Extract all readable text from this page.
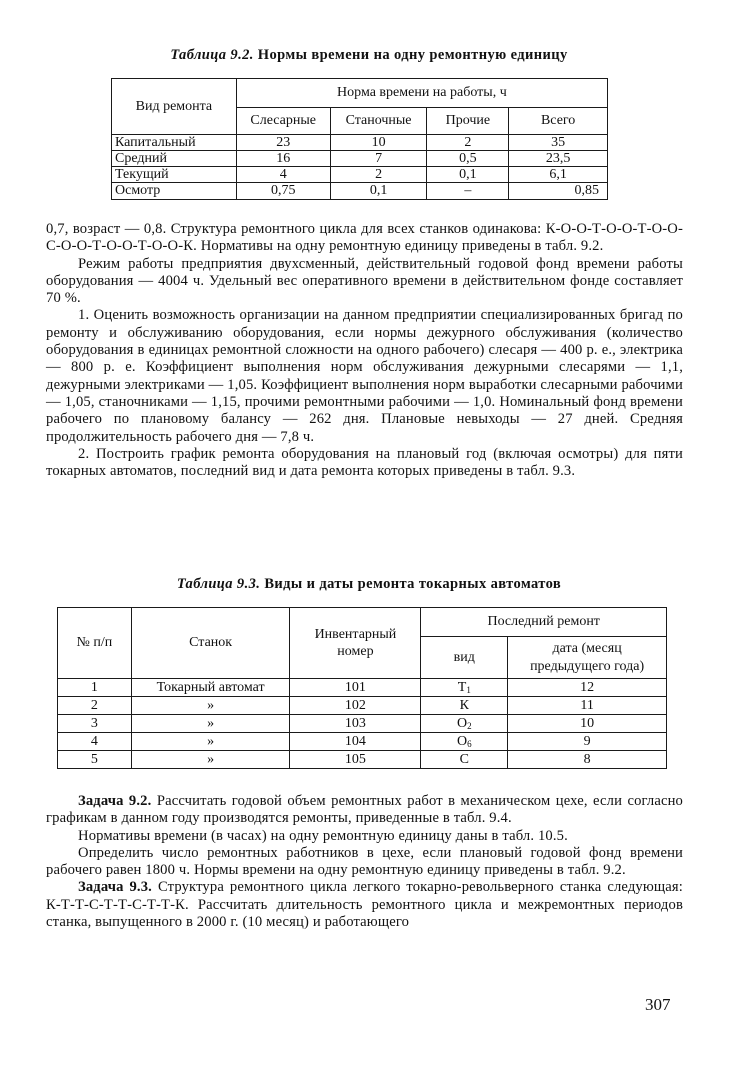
Таблица 9.2. Нормы времени на одну ремонтную единицу
Вид ремонта	Норма времени на работы, ч			
	Слесарные	Станочные	Прочие	Всего
Капитальный	23	10	2	35
Средний	16	7	0,5	23,5
Текущий	4	2	0,1	6,1
Осмотр	0,75	0,1	–	0,85

0,7, возраст — 0,8. Структура ремонтного цикла для всех станков одинакова: К-О-О-Т-О-О-Т-О-О-С-О-О-Т-О-О-Т-О-О-К. Нормативы на одну ремонтную единицу приведены в табл. 9.2.

Режим работы предприятия двухсменный, действительный годовой фонд времени работы оборудования — 4004 ч. Удельный вес оперативного времени в действительном фонде составляет 70 %.

1. Оценить возможность организации на данном предприятии специализированных бригад по ремонту и обслуживанию оборудования, если нормы дежурного обслуживания (количество оборудования в единицах ремонтной сложности на одного рабочего) слесаря — 400 р. е., электрика — 800 р. е. Коэффициент выполнения норм обслуживания дежурными слесарями — 1,1, дежурными электриками — 1,05. Коэффициент выполнения норм выработки слесарными рабочими — 1,05, станочниками — 1,15, прочими ремонтными рабочими — 1,0. Номинальный фонд времени рабочего по плановому балансу — 262 дня. Плановые невыходы — 27 дней. Средняя продолжительность рабочего дня — 7,8 ч.

2. Построить график ремонта оборудования на плановый год (включая осмотры) для пяти токарных автоматов, последний вид и дата ремонта которых приведены в табл. 9.3.

Таблица 9.3. Виды и даты ремонта токарных автоматов
№ п/п	Станок	Инвентарный номер	Последний ремонт	
			вид	дата (месяц предыдущего года)
1	Токарный автомат	101	$T_1$	12
2	»	102	К	11
3	»	103	$О_2$	10
4	»	104	$О_6$	9
5	»	105	С	8

Задача 9.2. Рассчитать годовой объем ремонтных работ в механическом цехе, если согласно графикам в данном году производятся ремонты, приведенные в табл. 9.4.

Нормативы времени (в часах) на одну ремонтную единицу даны в табл. 10.5.

Определить число ремонтных работников в цехе, если плановый годовой фонд времени рабочего равен 1800 ч. Нормы времени на одну ремонтную единицу приведены в табл. 9.2.

Задача 9.3. Структура ремонтного цикла легкого токарно-револьверного станка следующая: К-Т-Т-С-Т-Т-С-Т-Т-К. Рассчитать длительность ремонтного цикла и межремонтных периодов станка, выпущенного в 2000 г. (10 месяц) и работающего

307
